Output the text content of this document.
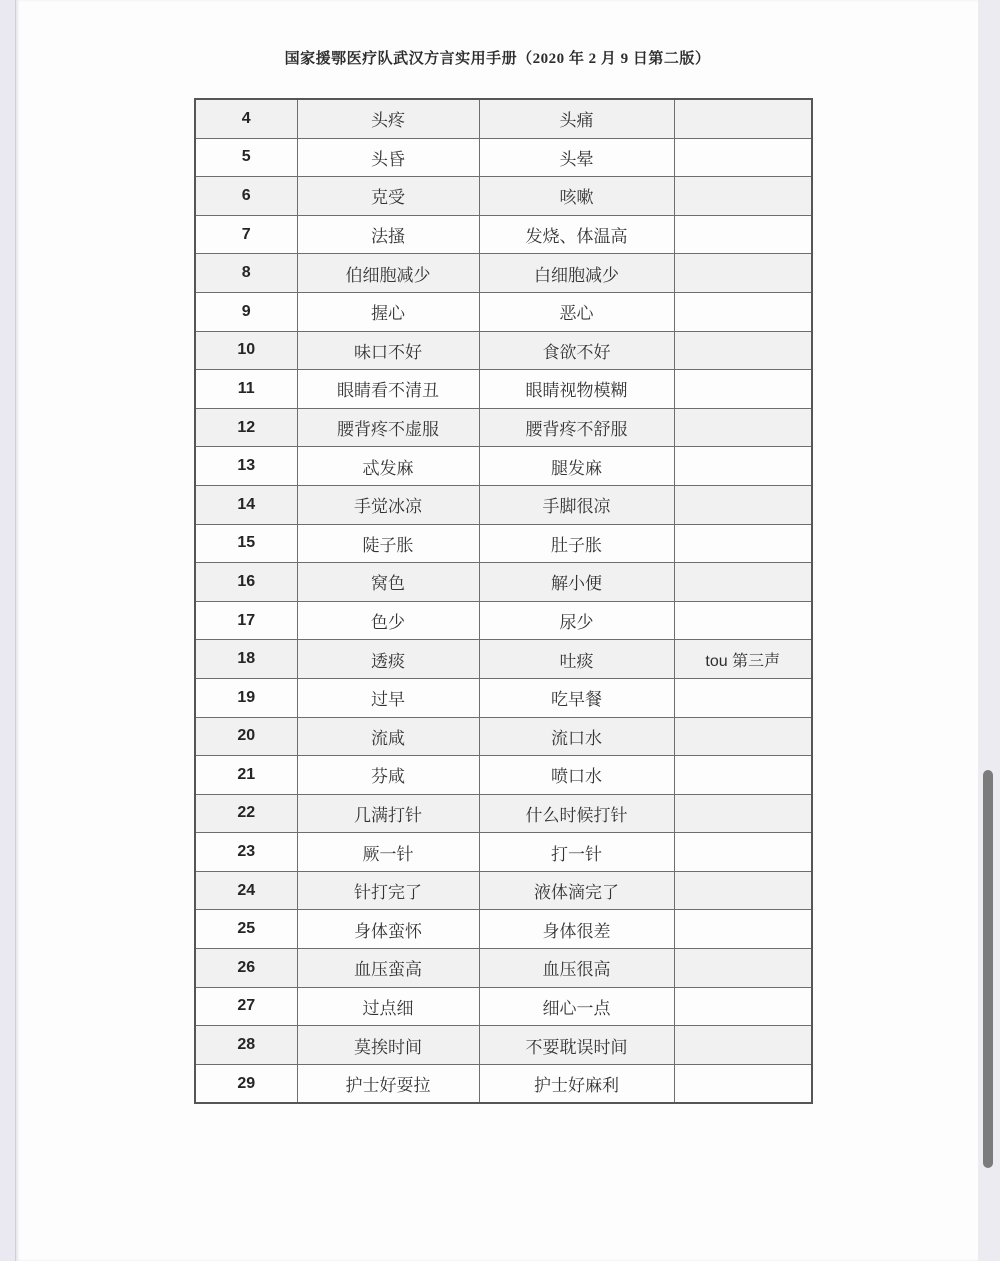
国家援鄂医疗队武汉方言实用手册（2020 年 2 月 9 日第二版）
4	头疼	头痛	
5	头昏	头晕	
6	克受	咳嗽	
7	法搔	发烧、体温高	
8	伯细胞减少	白细胞减少	
9	握心	恶心	
10	味口不好	食欲不好	
11	眼睛看不清丑	眼睛视物模糊	
12	腰背疼不虚服	腰背疼不舒服	
13	忒发麻	腿发麻	
14	手觉冰凉	手脚很凉	
15	陡子胀	肚子胀	
16	窝色	解小便	
17	色少	尿少	
18	透痰	吐痰	tou 第三声
19	过早	吃早餐	
20	流咸	流口水	
21	芬咸	喷口水	
22	几满打针	什么时候打针	
23	厥一针	打一针	
24	针打完了	液体滴完了	
25	身体蛮怀	身体很差	
26	血压蛮高	血压很高	
27	过点细	细心一点	
28	莫挨时间	不要耽误时间	
29	护士好耍拉	护士好麻利	
